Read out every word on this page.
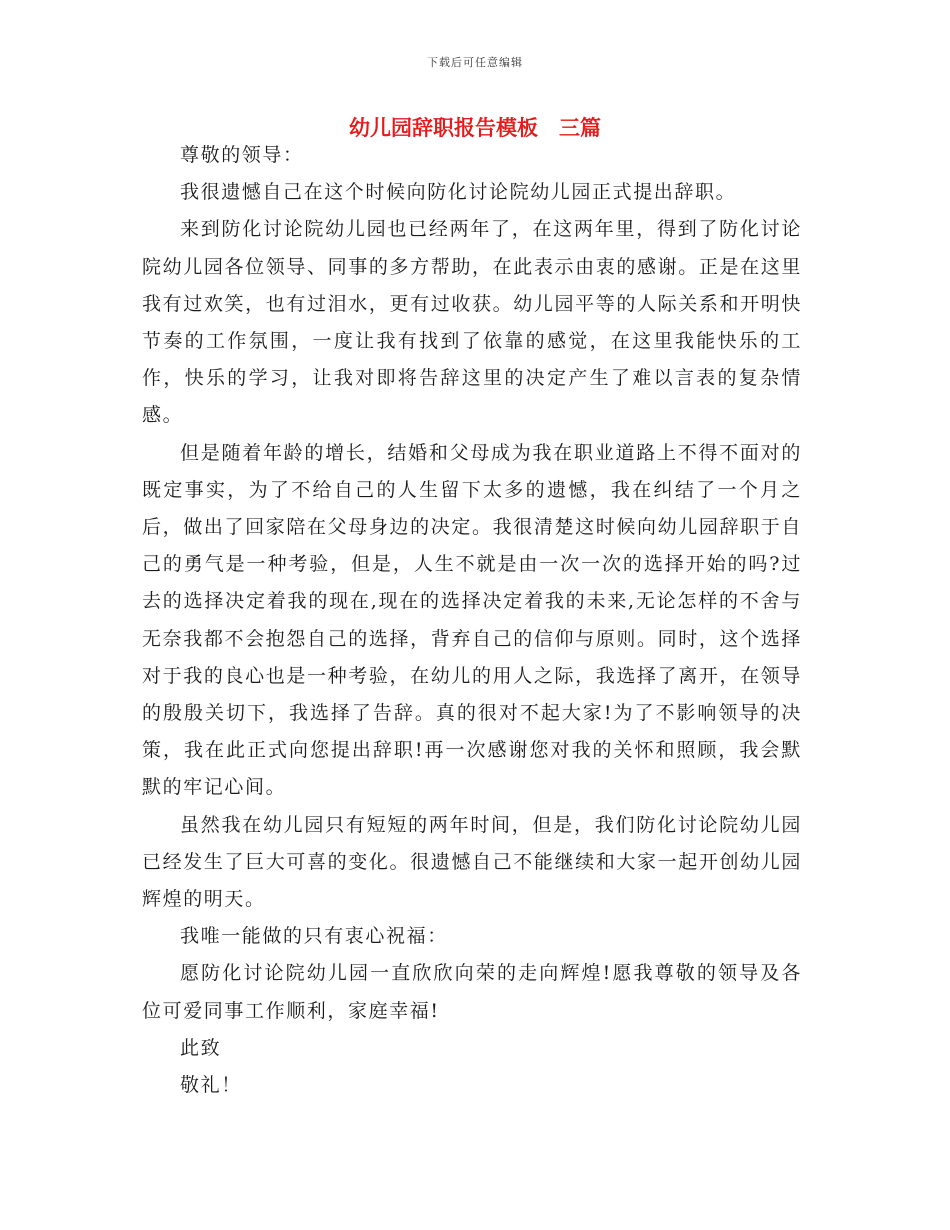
下载后可任意编辑
幼儿园辞职报告模板　三篇

尊敬的领导：

我很遗憾自己在这个时候向防化讨论院幼儿园正式提出辞职。

来到防化讨论院幼儿园也已经两年了，在这两年里，得到了防化讨论院幼儿园各位领导、同事的多方帮助，在此表示由衷的感谢。正是在这里我有过欢笑，也有过泪水，更有过收获。幼儿园平等的人际关系和开明快节奏的工作氛围，一度让我有找到了依靠的感觉，在这里我能快乐的工作，快乐的学习，让我对即将告辞这里的决定产生了难以言表的复杂情感。

但是随着年龄的增长，结婚和父母成为我在职业道路上不得不面对的既定事实，为了不给自己的人生留下太多的遗憾，我在纠结了一个月之后，做出了回家陪在父母身边的决定。我很清楚这时候向幼儿园辞职于自己的勇气是一种考验，但是，人生不就是由一次一次的选择开始的吗?过去的选择决定着我的现在,现在的选择决定着我的未来,无论怎样的不舍与无奈我都不会抱怨自己的选择，背弃自己的信仰与原则。同时，这个选择对于我的良心也是一种考验，在幼儿的用人之际，我选择了离开，在领导的殷殷关切下，我选择了告辞。真的很对不起大家!为了不影响领导的决策，我在此正式向您提出辞职!再一次感谢您对我的关怀和照顾，我会默默的牢记心间。

虽然我在幼儿园只有短短的两年时间，但是，我们防化讨论院幼儿园已经发生了巨大可喜的变化。很遗憾自己不能继续和大家一起开创幼儿园辉煌的明天。

我唯一能做的只有衷心祝福：

愿防化讨论院幼儿园一直欣欣向荣的走向辉煌!愿我尊敬的领导及各位可爱同事工作顺利，家庭幸福!

此致

敬礼！
